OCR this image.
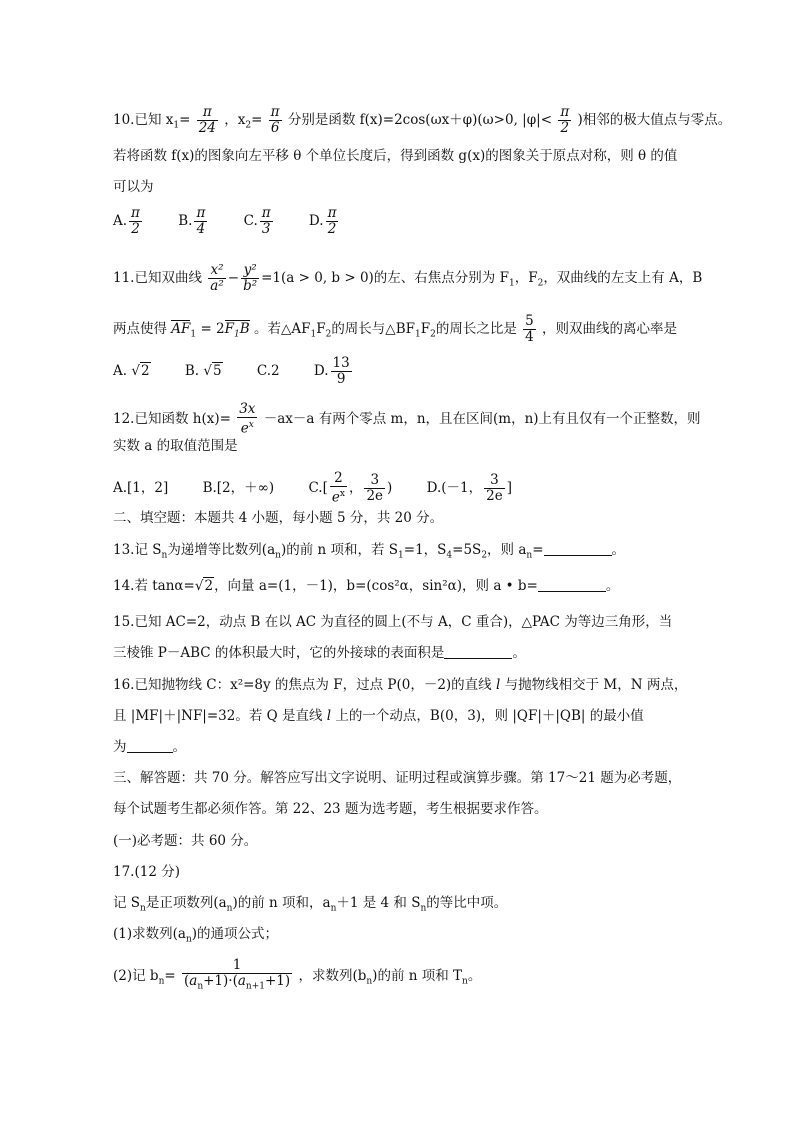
10.已知 $x_1= \frac{\pi}{24}$ ，$x_2= \frac{\pi}{6}$ 分别是函数 f(x)=2cos(ωx＋φ)(ω>0, $|\varphi|< \frac{\pi}{2}$ )相邻的极大值点与零点。
若将函数 f(x)的图象向左平移 θ 个单位长度后，得到函数 g(x)的图象关于原点对称，则 θ 的值
可以为
A. $\frac{\pi}{2}$	B. $\frac{\pi}{4}$	C. $\frac{\pi}{3}$	D. $\frac{\pi}{2}$
11.已知双曲线 $\frac{\text{x²}}{\text{a²}} - \frac{\text{y²}}{\text{b²}} =1(a > 0$, b > 0)的左、右焦点分别为 $F_1$，$F_2$，双曲线的左支上有 A，B
两点使得 $AF_1 = 2F_1B$ 。若$\triangle AF_1F_2$的周长与$\triangle BF_1F_2$的周长之比是 $\frac{5}{4}$ ，则双曲线的离心率是
A. √2	B. √5	C.2	D. $\frac{13}{9}$
12.已知函数 $h(x)= \frac{3x}{e^x} -ax-a$ 有两个零点 m，n，且在区间(m，n)上有且仅有一个正整数，则
实数 a 的取值范围是
A.[1，2]	B.[2，＋∞)	$C.[ \frac{2}{e^x}$ ， $\frac{3}{2e}$ )	D.(－1， $\frac{3}{2e}$ ]
二、填空题：本题共 4 小题，每小题 5 分，共 20 分。
13.记 $S_n$为递增等比数列$(a_n)$的前 n 项和，若 $S_1=1$，$S_4=5S_2$，则 $a_n=$	。
14.若 tanα=√2，向量 a=(1，－1)，b=(cos²α，sin²α)，则 a • b=	。
15.已知 AC=2，动点 B 在以 AC 为直径的圆上(不与 A，C 重合)，△PAC 为等边三角形，当
三棱锥 P－ABC 的体积最大时，它的外接球的表面积是	。
16.已知抛物线 C：x²=8y 的焦点为 F，过点 P(0，－2)的直线 l 与抛物线相交于 M，N 两点，
且 |MF|＋|NF|=32。若 Q 是直线 l 上的一个动点，B(0，3)，则 |QF|＋|QB| 的最小值
为	。
三、解答题：共 70 分。解答应写出文字说明、证明过程或演算步骤。第 17～21 题为必考题，
每个试题考生都必须作答。第 22、23 题为选考题，考生根据要求作答。
(一)必考题：共 60 分。
17.(12 分)
记 $S_n$是正项数列$(a_n)$的前 n 项和，$a_n+1$ 是 4 和 $S_n$的等比中项。
(1)求数列$(a_n)$的通项公式；
(2)记 $b_n= \frac{1}{(a_n+1)\cdot(a_{n+1}+1)}$ ，求数列$(b_n)$的前 n 项和 $T_n$。
